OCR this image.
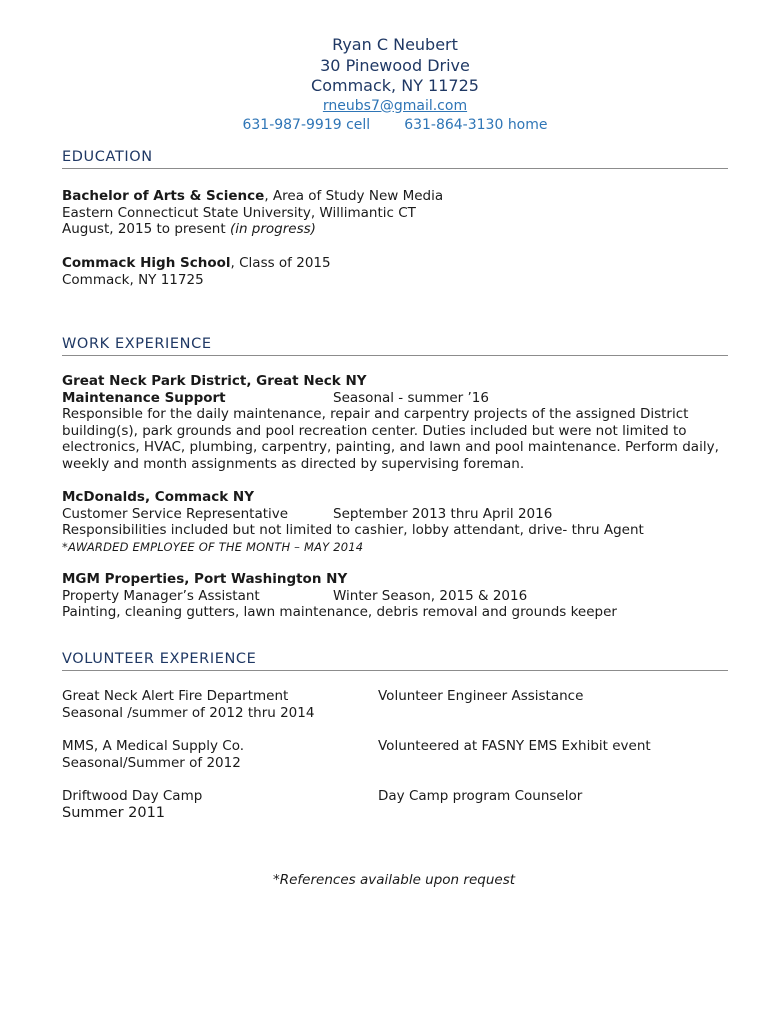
Ryan C Neubert
30 Pinewood Drive
Commack, NY 11725
rneubs7@gmail.com
631-987-9919 cell 631-864-3130 home
EDUCATION
Bachelor of Arts & Science, Area of Study New Media
Eastern Connecticut State University, Willimantic CT
August, 2015 to present (in progress)
Commack High School, Class of 2015
Commack, NY 11725
WORK EXPERIENCE
Great Neck Park District, Great Neck NY
Maintenance Support	Seasonal - summer ’16
Responsible for the daily maintenance, repair and carpentry projects of the assigned District building(s), park grounds and pool recreation center. Duties included but were not limited to electronics, HVAC, plumbing, carpentry, painting, and lawn and pool maintenance. Perform daily, weekly and month assignments as directed by supervising foreman.
McDonalds, Commack NY
Customer Service Representative	September 2013 thru April 2016
Responsibilities included but not limited to cashier, lobby attendant, drive- thru Agent
*AWARDED EMPLOYEE OF THE MONTH – MAY 2014
MGM Properties, Port Washington NY
Property Manager’s Assistant	Winter Season, 2015 & 2016
Painting, cleaning gutters, lawn maintenance, debris removal and grounds keeper
VOLUNTEER EXPERIENCE
Great Neck Alert Fire Department	Volunteer Engineer Assistance
Seasonal /summer of 2012 thru 2014
MMS, A Medical Supply Co.	Volunteered at FASNY EMS Exhibit event
Seasonal/Summer of 2012
Driftwood Day Camp	Day Camp program Counselor
Summer 2011
*References available upon request
